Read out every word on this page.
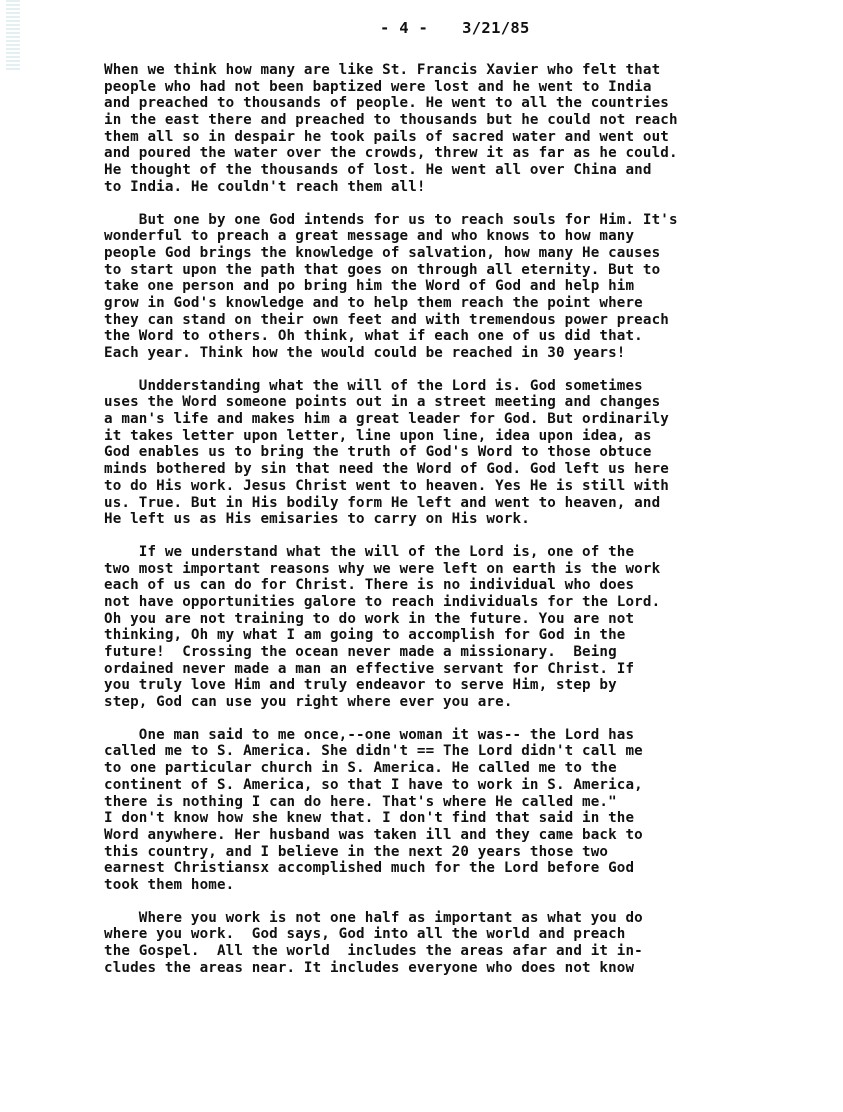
- 4 - 3/21/85
When we think how many are like St. Francis Xavier who felt that
people who had not been baptized were lost and he went to India
and preached to thousands of people. He went to all the countries
in the east there and preached to thousands but he could not reach
them all so in despair he took pails of sacred water and went out
and poured the water over the crowds, threw it as far as he could.
He thought of the thousands of lost. He went all over China and
to India. He couldn't reach them all!
But one by one God intends for us to reach souls for Him. It's
wonderful to preach a great message and who knows to how many
people God brings the knowledge of salvation, how many He causes
to start upon the path that goes on through all eternity. But to
take one person and po bring him the Word of God and help him
grow in God's knowledge and to help them reach the point where
they can stand on their own feet and with tremendous power preach
the Word to others. Oh think, what if each one of us did that.
Each year. Think how the would could be reached in 30 years!
Undderstanding what the will of the Lord is. God sometimes
uses the Word someone points out in a street meeting and changes
a man's life and makes him a great leader for God. But ordinarily
it takes letter upon letter, line upon line, idea upon idea, as
God enables us to bring the truth of God's Word to those obtuce
minds bothered by sin that need the Word of God. God left us here
to do His work. Jesus Christ went to heaven. Yes He is still with
us. True. But in His bodily form He left and went to heaven, and
He left us as His emisaries to carry on His work.
If we understand what the will of the Lord is, one of the
two most important reasons why we were left on earth is the work
each of us can do for Christ. There is no individual who does
not have opportunities galore to reach individuals for the Lord.
Oh you are not training to do work in the future. You are not
thinking, Oh my what I am going to accomplish for God in the
future!  Crossing the ocean never made a missionary.  Being
ordained never made a man an effective servant for Christ. If
you truly love Him and truly endeavor to serve Him, step by
step, God can use you right where ever you are.
One man said to me once,--one woman it was-- the Lord has
called me to S. America. She didn't == The Lord didn't call me
to one particular church in S. America. He called me to the
continent of S. America, so that I have to work in S. America,
there is nothing I can do here. That's where He called me."
I don't know how she knew that. I don't find that said in the
Word anywhere. Her husband was taken ill and they came back to
this country, and I believe in the next 20 years those two
earnest Christiansx accomplished much for the Lord before God
took them home.
Where you work is not one half as important as what you do
where you work.  God says, God into all the world and preach
the Gospel.  All the world  includes the areas afar and it in-
cludes the areas near. It includes everyone who does not know
